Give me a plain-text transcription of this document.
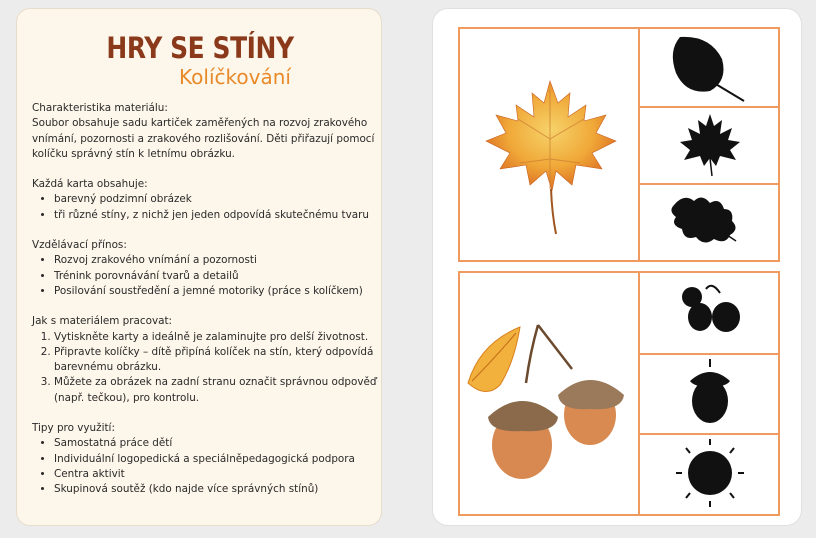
HRY SE STÍNY
Kolíčkování

Charakteristika materiálu:

Soubor obsahuje sadu kartiček zaměřených na rozvoj zrakového vnímání, pozornosti a zrakového rozlišování. Děti přiřazují pomocí kolíčku správný stín k letnímu obrázku.

Každá karta obsahuje:

• barevný podzimní obrázek
• tři různé stíny, z nichž jen jeden odpovídá skutečnému tvaru

Vzdělávací přínos:

• Rozvoj zrakového vnímání a pozornosti
• Trénink porovnávání tvarů a detailů
• Posilování soustředění a jemné motoriky (práce s kolíčkem)

Jak s materiálem pracovat:

1. Vytiskněte karty a ideálně je zalaminujte pro delší životnost.
2. Připravte kolíčky – dítě připíná kolíček na stín, který odpovídá barevnému obrázku.
3. Můžete za obrázek na zadní stranu označit správnou odpověď (např. tečkou), pro kontrolu.

Tipy pro využití:

• Samostatná práce dětí
• Individuální logopedická a speciálněpedagogická podpora
• Centra aktivit
• Skupinová soutěž (kdo najde více správných stínů)
